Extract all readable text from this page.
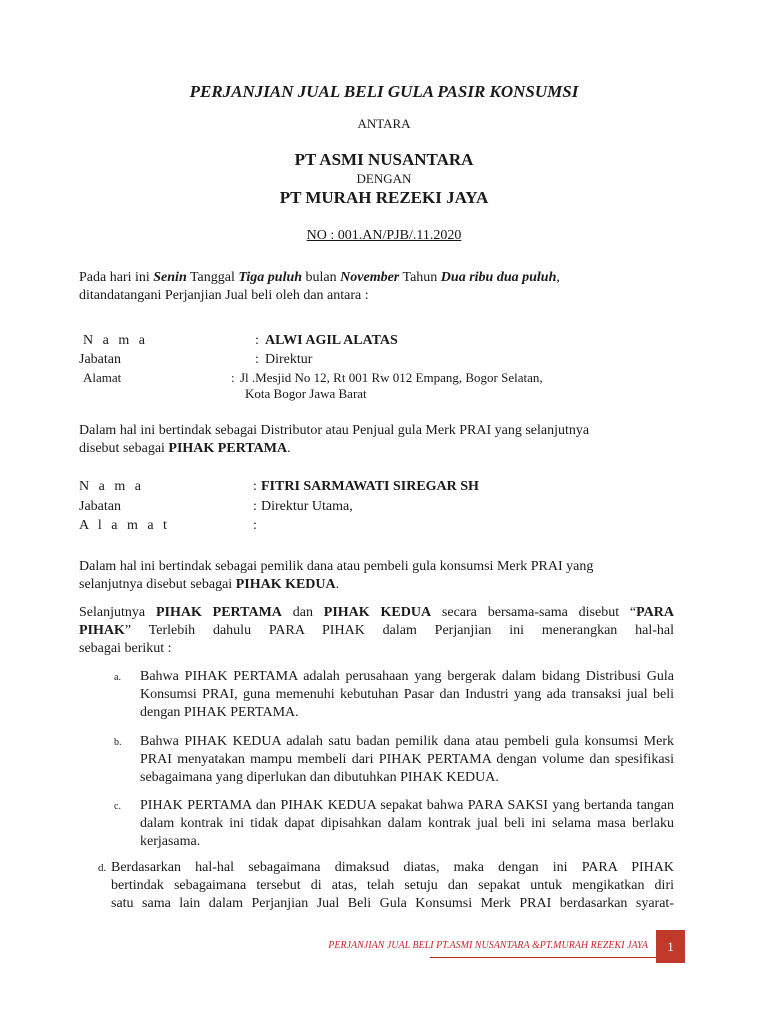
PERJANJIAN JUAL BELI GULA PASIR KONSUMSI
ANTARA
PT ASMI NUSANTARA
DENGAN
PT MURAH REZEKI JAYA
NO : 001.AN/PJB/.11.2020
Pada hari ini Senin Tanggal Tiga puluh bulan November Tahun Dua ribu dua puluh,
ditandatangani Perjanjian Jual beli oleh dan antara :
N a m a	: ALWI AGIL ALATAS
Jabatan	: Direktur
Alamat	: Jl .Mesjid No 12, Rt 001 Rw 012 Empang, Bogor Selatan,
Kota Bogor Jawa Barat
Dalam hal ini bertindak sebagai Distributor atau Penjual gula Merk PRAI yang selanjutnya
disebut sebagai PIHAK PERTAMA.
N a m a	: FITRI SARMAWATI SIREGAR SH
Jabatan	: Direktur Utama,
A l a m a t	:
Dalam hal ini bertindak sebagai pemilik dana atau pembeli gula konsumsi Merk PRAI yang
selanjutnya disebut sebagai PIHAK KEDUA.
Selanjutnya PIHAK PERTAMA dan PIHAK KEDUA secara bersama-sama disebut “PARA
PIHAK” Terlebih dahulu PARA PIHAK dalam Perjanjian ini menerangkan hal-hal
sebagai berikut :
a. Bahwa PIHAK PERTAMA adalah perusahaan yang bergerak dalam bidang Distribusi Gula Konsumsi PRAI, guna memenuhi kebutuhan Pasar dan Industri yang ada transaksi jual beli dengan PIHAK PERTAMA.
b. Bahwa PIHAK KEDUA adalah satu badan pemilik dana atau pembeli gula konsumsi Merk PRAI menyatakan mampu membeli dari PIHAK PERTAMA dengan volume dan spesifikasi sebagaimana yang diperlukan dan dibutuhkan PIHAK KEDUA.
c. PIHAK PERTAMA dan PIHAK KEDUA sepakat bahwa PARA SAKSI yang bertanda tangan dalam kontrak ini tidak dapat dipisahkan dalam kontrak jual beli ini selama masa berlaku kerjasama.
d. Berdasarkan hal-hal sebagaimana dimaksud diatas, maka dengan ini PARA PIHAK
bertindak sebagaimana tersebut di atas, telah setuju dan sepakat untuk mengikatkan diri
satu sama lain dalam Perjanjian Jual Beli Gula Konsumsi Merk PRAI berdasarkan syarat-
PERJANJIAN JUAL BELI PT.ASMI NUSANTARA &PT.MURAH REZEKI JAYA	1
